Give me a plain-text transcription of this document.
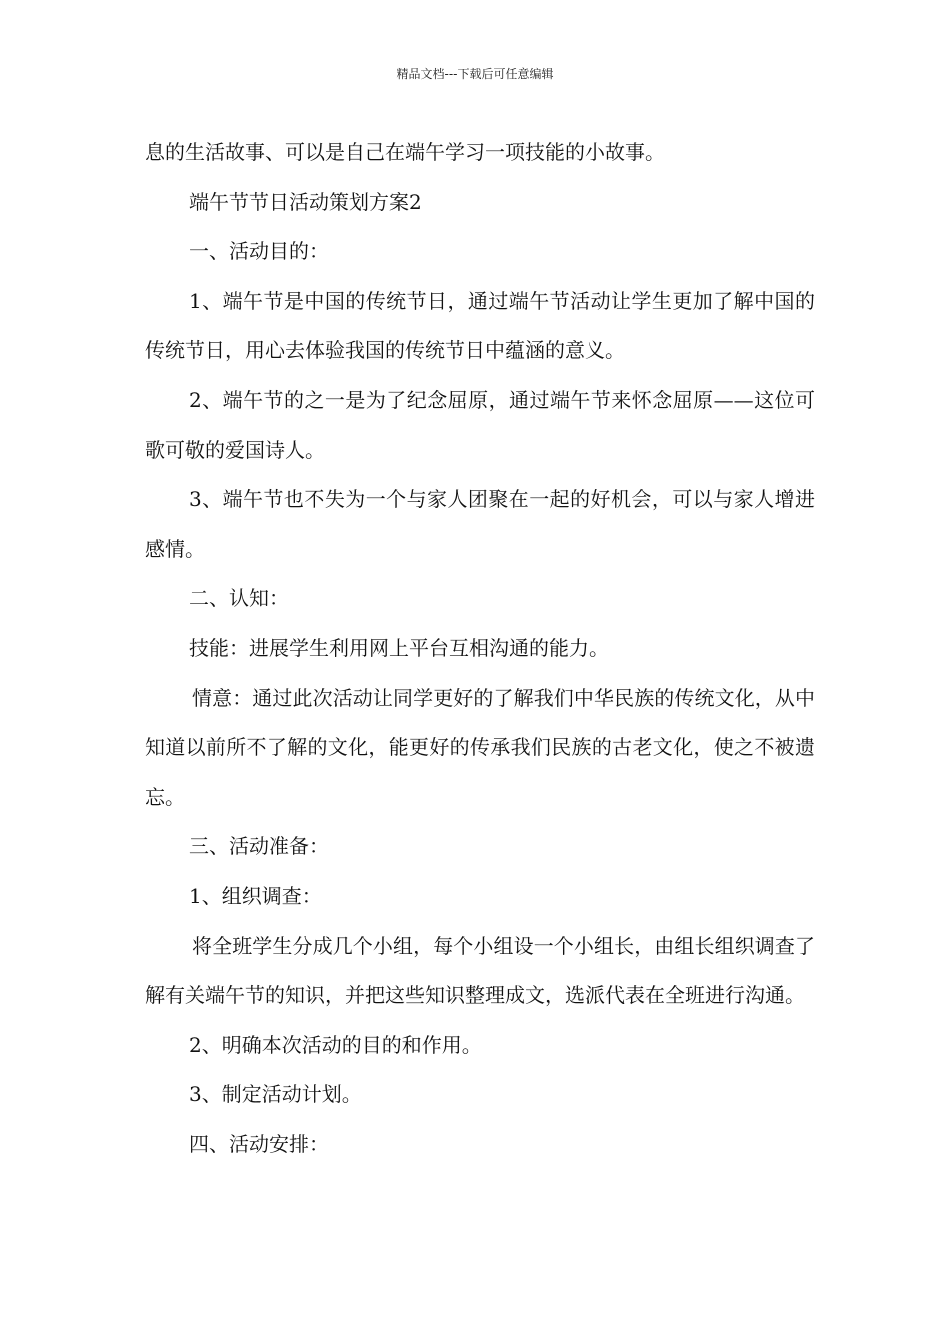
精品文档---下载后可任意编辑

息的生活故事、可以是自己在端午学习一项技能的小故事。

端午节节日活动策划方案2

一、活动目的：

1、端午节是中国的传统节日，通过端午节活动让学生更加了解中国的传统节日，用心去体验我国的传统节日中蕴涵的意义。

2、端午节的之一是为了纪念屈原，通过端午节来怀念屈原——这位可歌可敬的爱国诗人。

3、端午节也不失为一个与家人团聚在一起的好机会，可以与家人增进感情。

二、认知：

技能：进展学生利用网上平台互相沟通的能力。

情意：通过此次活动让同学更好的了解我们中华民族的传统文化，从中知道以前所不了解的文化，能更好的传承我们民族的古老文化，使之不被遗忘。

三、活动准备：

1、组织调查：

将全班学生分成几个小组，每个小组设一个小组长，由组长组织调查了解有关端午节的知识，并把这些知识整理成文，选派代表在全班进行沟通。

2、明确本次活动的目的和作用。

3、制定活动计划。

四、活动安排：
